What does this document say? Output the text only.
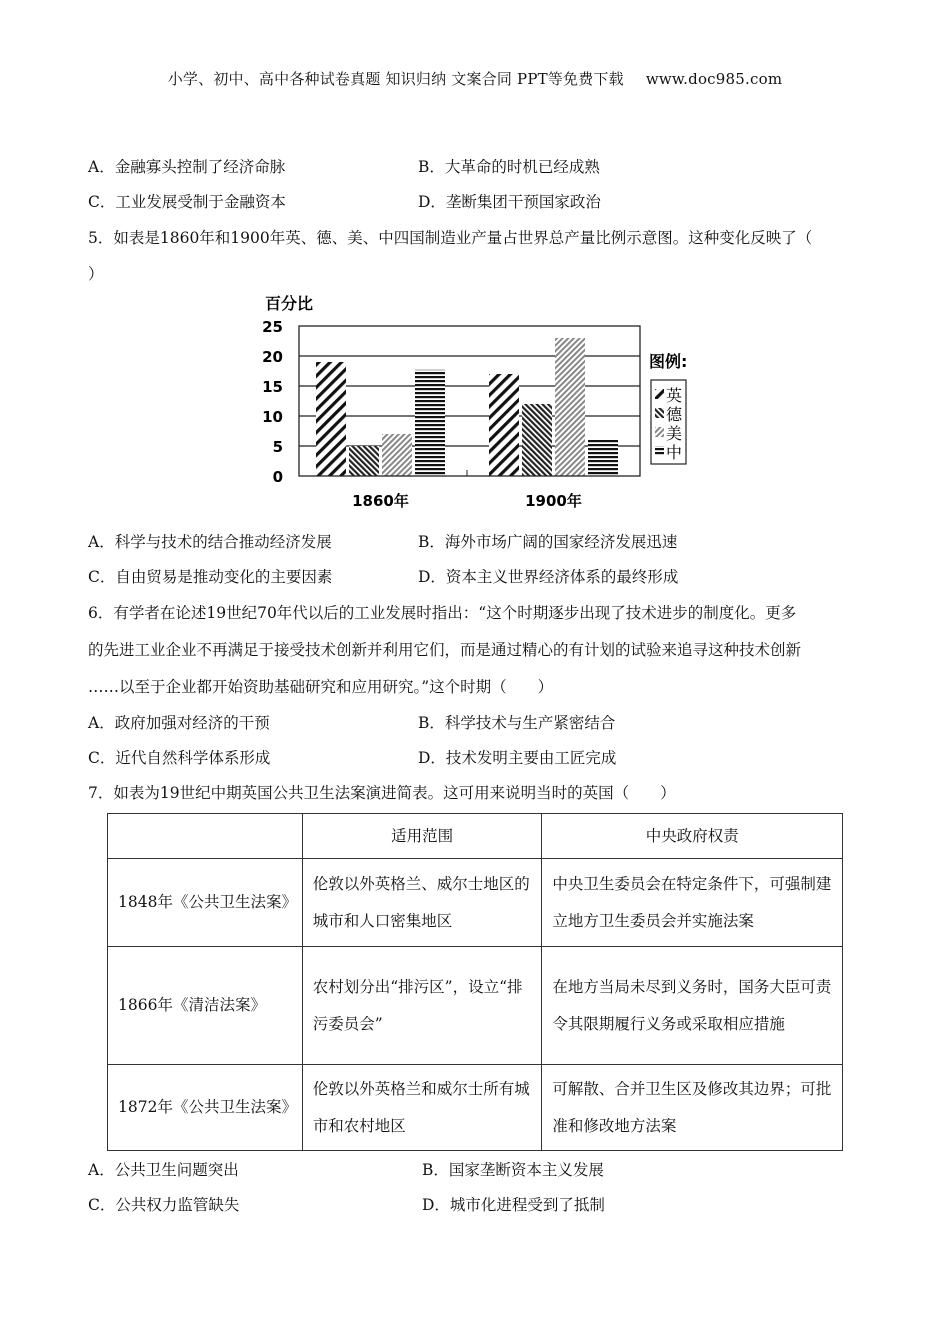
小学、初中、高中各种试卷真题 知识归纳 文案合同 PPT等免费下载 www.doc985.com
A．金融寡头控制了经济命脉	B．大革命的时机已经成熟
C．工业发展受制于金融资本	D．垄断集团干预国家政治
5．如表是1860年和1900年英、德、美、中四国制造业产量占世界总产量比例示意图。这种变化反映了（
）
百分比
0
5
10
15
20
25
1860年	1900年
图例:
英
德
美
中
A．科学与技术的结合推动经济发展	B．海外市场广阔的国家经济发展迅速
C．自由贸易是推动变化的主要因素	D．资本主义世界经济体系的最终形成
6．有学者在论述19世纪70年代以后的工业发展时指出：“这个时期逐步出现了技术进步的制度化。更多
的先进工业企业不再满足于接受技术创新并利用它们，而是通过精心的有计划的试验来追寻这种技术创新
……以至于企业都开始资助基础研究和应用研究。”这个时期（　　）
A．政府加强对经济的干预	B．科学技术与生产紧密结合
C．近代自然科学体系形成	D．技术发明主要由工匠完成
7．如表为19世纪中期英国公共卫生法案演进简表。这可用来说明当时的英国（　　）
	适用范围	中央政府权责
1848年《公共卫生法案》	伦敦以外英格兰、威尔士地区的城市和人口密集地区	中央卫生委员会在特定条件下，可强制建立地方卫生委员会并实施法案
1866年《清洁法案》	农村划分出“排污区”，设立“排污委员会”	在地方当局未尽到义务时，国务大臣可责令其限期履行义务或采取相应措施
1872年《公共卫生法案》	伦敦以外英格兰和威尔士所有城市和农村地区	可解散、合并卫生区及修改其边界；可批准和修改地方法案
A．公共卫生问题突出	B．国家垄断资本主义发展
C．公共权力监管缺失	D．城市化进程受到了抵制
